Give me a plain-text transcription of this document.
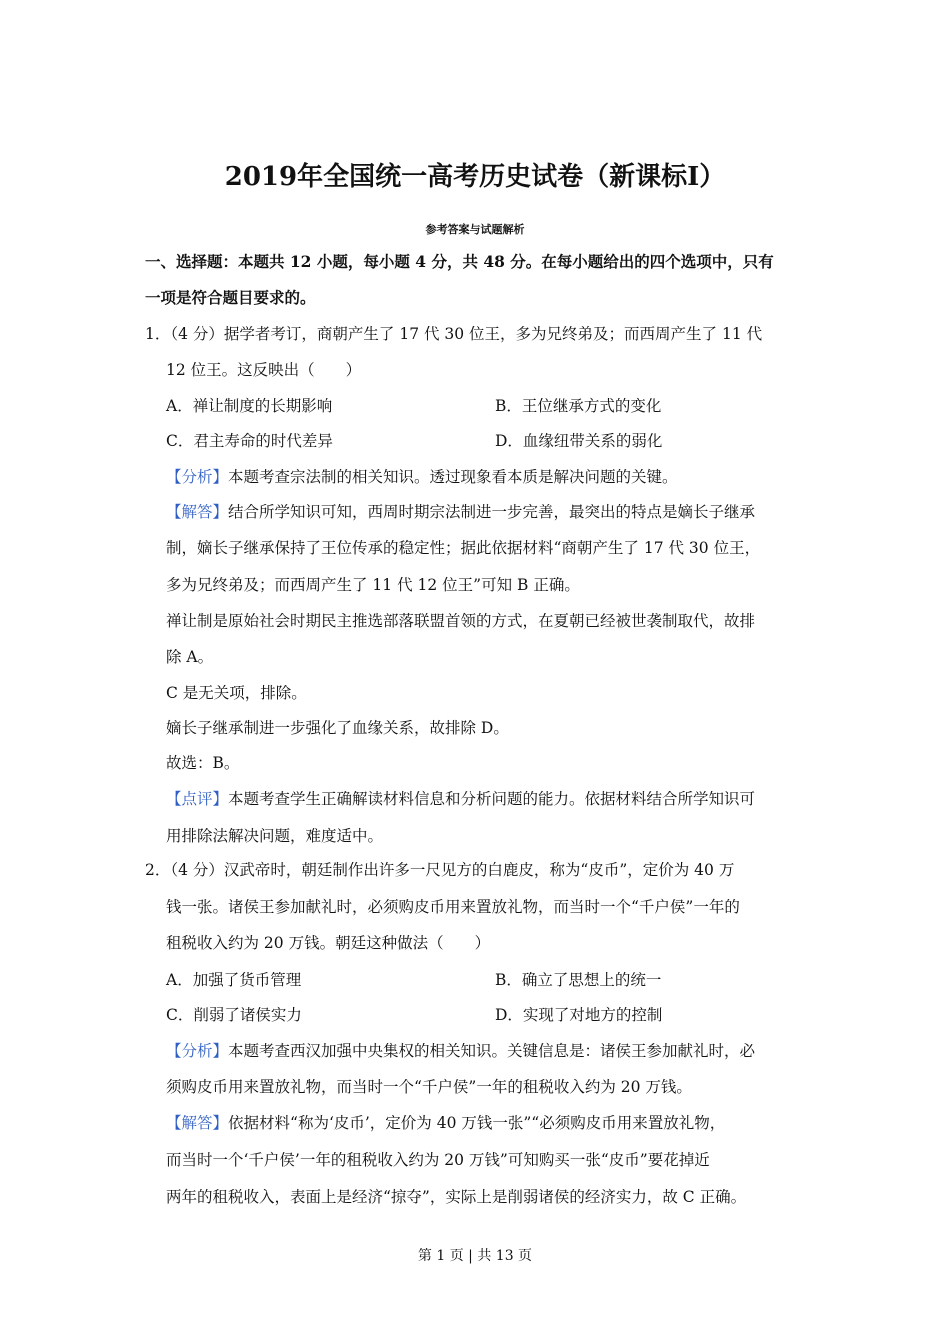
2019年全国统一高考历史试卷（新课标Ⅰ）
参考答案与试题解析
一、选择题：本题共 12 小题，每小题 4 分，共 48 分。在每小题给出的四个选项中，只有
一项是符合题目要求的。
1．（4 分）据学者考订，商朝产生了 17 代 30 位王，多为兄终弟及；而西周产生了 11 代
12 位王。这反映出（　　）
A．禅让制度的长期影响	B．王位继承方式的变化
C．君主寿命的时代差异	D．血缘纽带关系的弱化
【分析】本题考查宗法制的相关知识。透过现象看本质是解决问题的关键。
【解答】结合所学知识可知，西周时期宗法制进一步完善，最突出的特点是嫡长子继承
制，嫡长子继承保持了王位传承的稳定性；据此依据材料“商朝产生了 17 代 30 位王，
多为兄终弟及；而西周产生了 11 代 12 位王”可知 B 正确。
禅让制是原始社会时期民主推选部落联盟首领的方式，在夏朝已经被世袭制取代，故排
除 A。
C 是无关项，排除。
嫡长子继承制进一步强化了血缘关系，故排除 D。
故选：B。
【点评】本题考查学生正确解读材料信息和分析问题的能力。依据材料结合所学知识可
用排除法解决问题，难度适中。
2．（4 分）汉武帝时，朝廷制作出许多一尺见方的白鹿皮，称为“皮币”，定价为 40 万
钱一张。诸侯王参加献礼时，必须购皮币用来置放礼物，而当时一个“千户侯”一年的
租税收入约为 20 万钱。朝廷这种做法（　　）
A．加强了货币管理	B．确立了思想上的统一
C．削弱了诸侯实力	D．实现了对地方的控制
【分析】本题考查西汉加强中央集权的相关知识。关键信息是：诸侯王参加献礼时，必
须购皮币用来置放礼物，而当时一个“千户侯”一年的租税收入约为 20 万钱。
【解答】依据材料“称为‘皮币’，定价为 40 万钱一张”“必须购皮币用来置放礼物，
而当时一个‘千户侯’一年的租税收入约为 20 万钱”可知购买一张“皮币”要花掉近
两年的租税收入，表面上是经济“掠夺”，实际上是削弱诸侯的经济实力，故 C 正确。
第 1 页 | 共 13 页
